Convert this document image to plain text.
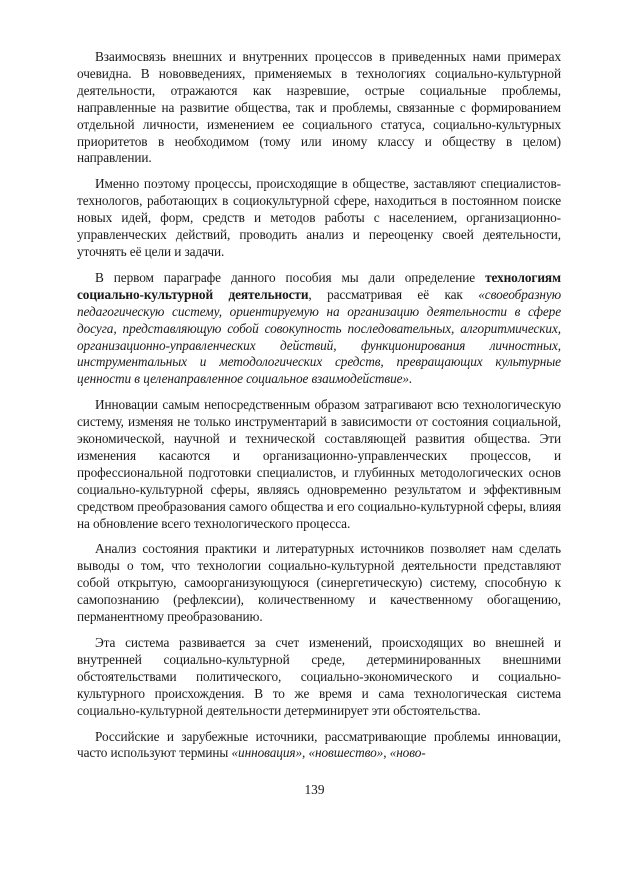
Взаимосвязь внешних и внутренних процессов в приведенных нами примерах очевидна. В нововведениях, применяемых в технологиях социально-культурной деятельности, отражаются как назревшие, острые социальные проблемы, направленные на развитие общества, так и проблемы, связанные с формированием отдельной личности, изменением ее социального статуса, социально-культурных приоритетов в необходимом (тому или иному классу и обществу в целом) направлении.

Именно поэтому процессы, происходящие в обществе, заставляют специалистов-технологов, работающих в социокультурной сфере, находиться в постоянном поиске новых идей, форм, средств и методов работы с населением, организационно-управленческих действий, проводить анализ и переоценку своей деятельности, уточнять её цели и задачи.

В первом параграфе данного пособия мы дали определение технологиям социально-культурной деятельности, рассматривая её как «своеобразную педагогическую систему, ориентируемую на организацию деятельности в сфере досуга, представляющую собой совокупность последовательных, алгоритмических, организационно-управленческих действий, функционирования личностных, инструментальных и методологических средств, превращающих культурные ценности в целенаправленное социальное взаимодействие».

Инновации самым непосредственным образом затрагивают всю технологическую систему, изменяя не только инструментарий в зависимости от состояния социальной, экономической, научной и технической составляющей развития общества. Эти изменения касаются и организационно-управленческих процессов, и профессиональной подготовки специалистов, и глубинных методологических основ социально-культурной сферы, являясь одновременно результатом и эффективным средством преобразования самого общества и его социально-культурной сферы, влияя на обновление всего технологического процесса.

Анализ состояния практики и литературных источников позволяет нам сделать выводы о том, что технологии социально-культурной деятельности представляют собой открытую, самоорганизующуюся (синергетическую) систему, способную к самопознанию (рефлексии), количественному и качественному обогащению, перманентному преобразованию.

Эта система развивается за счет изменений, происходящих во внешней и внутренней социально-культурной среде, детерминированных внешними обстоятельствами политического, социально-экономического и социально-культурного происхождения. В то же время и сама технологическая система социально-культурной деятельности детерминирует эти обстоятельства.

Российские и зарубежные источники, рассматривающие проблемы инновации, часто используют термины «инновация», «новшество», «ново-

139
